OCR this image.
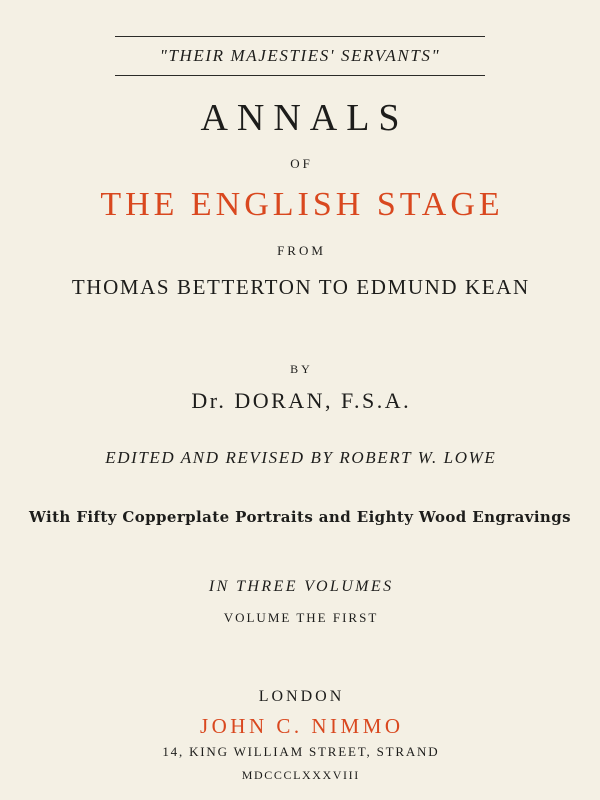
"THEIR MAJESTIES' SERVANTS"
ANNALS
OF
THE ENGLISH STAGE
FROM
THOMAS BETTERTON TO EDMUND KEAN
BY
Dr. DORAN, F.S.A.
EDITED AND REVISED BY ROBERT W. LOWE
With Fifty Copperplate Portraits and Eighty Wood Engravings
IN THREE VOLUMES
VOLUME THE FIRST
LONDON
JOHN C. NIMMO
14, KING WILLIAM STREET, STRAND
MDCCCLXXXVIII
